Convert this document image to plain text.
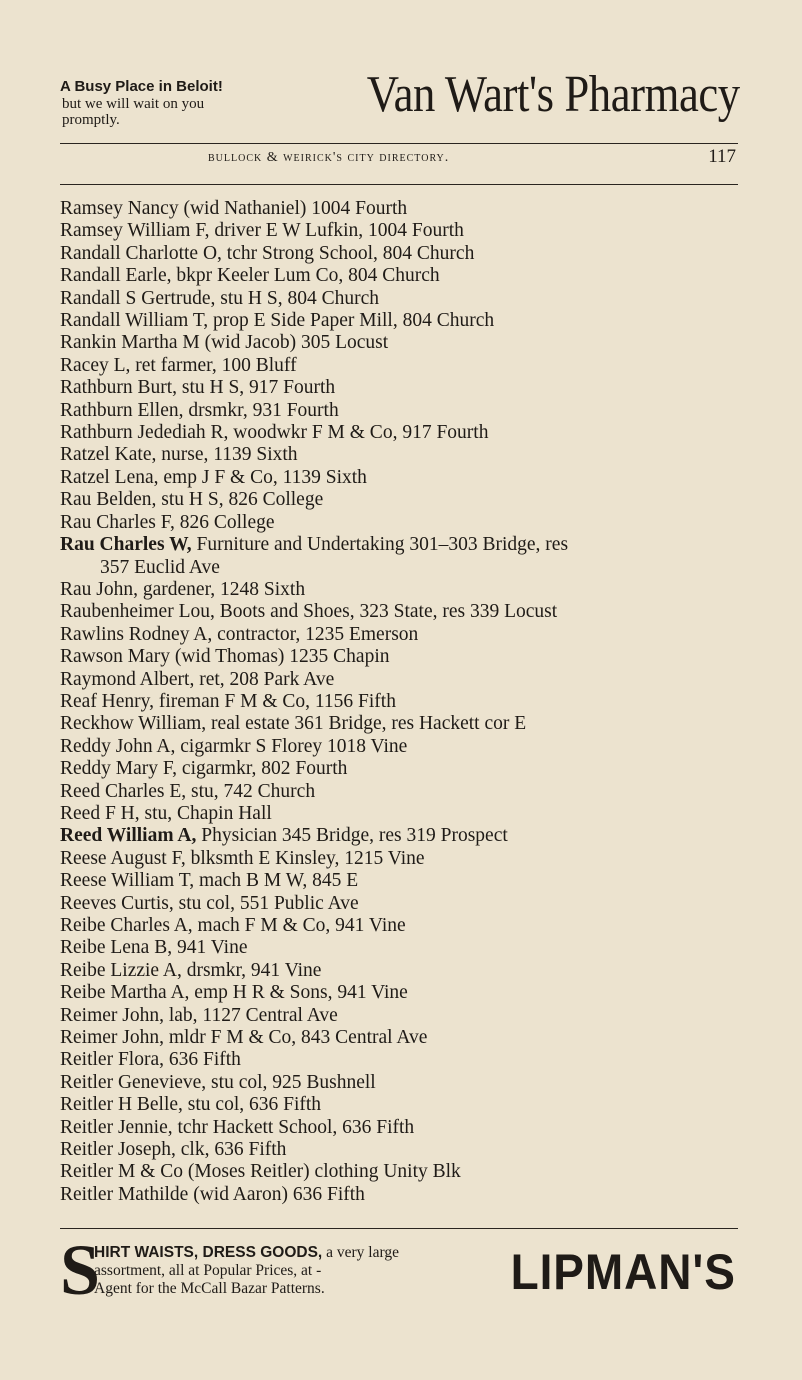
A Busy Place in Beloit!
but we will wait on you
promptly.	Van Wart's Pharmacy
bullock & weirick's city directory.	117
Ramsey Nancy (wid Nathaniel) 1004 Fourth
Ramsey William F, driver E W Lufkin, 1004 Fourth
Randall Charlotte O, tchr Strong School, 804 Church
Randall Earle, bkpr Keeler Lum Co, 804 Church
Randall S Gertrude, stu H S, 804 Church
Randall William T, prop E Side Paper Mill, 804 Church
Rankin Martha M (wid Jacob) 305 Locust
Racey L, ret farmer, 100 Bluff
Rathburn Burt, stu H S, 917 Fourth
Rathburn Ellen, drsmkr, 931 Fourth
Rathburn Jedediah R, woodwkr F M & Co, 917 Fourth
Ratzel Kate, nurse, 1139 Sixth
Ratzel Lena, emp J F & Co, 1139 Sixth
Rau Belden, stu H S, 826 College
Rau Charles F, 826 College
Rau Charles W, Furniture and Undertaking 301–303 Bridge, res
357 Euclid Ave
Rau John, gardener, 1248 Sixth
Raubenheimer Lou, Boots and Shoes, 323 State, res 339 Locust
Rawlins Rodney A, contractor, 1235 Emerson
Rawson Mary (wid Thomas) 1235 Chapin
Raymond Albert, ret, 208 Park Ave
Reaf Henry, fireman F M & Co, 1156 Fifth
Reckhow William, real estate 361 Bridge, res Hackett cor E
Reddy John A, cigarmkr S Florey 1018 Vine
Reddy Mary F, cigarmkr, 802 Fourth
Reed Charles E, stu, 742 Church
Reed F H, stu, Chapin Hall
Reed William A, Physician 345 Bridge, res 319 Prospect
Reese August F, blksmth E Kinsley, 1215 Vine
Reese William T, mach B M W, 845 E
Reeves Curtis, stu col, 551 Public Ave
Reibe Charles A, mach F M & Co, 941 Vine
Reibe Lena B, 941 Vine
Reibe Lizzie A, drsmkr, 941 Vine
Reibe Martha A, emp H R & Sons, 941 Vine
Reimer John, lab, 1127 Central Ave
Reimer John, mldr F M & Co, 843 Central Ave
Reitler Flora, 636 Fifth
Reitler Genevieve, stu col, 925 Bushnell
Reitler H Belle, stu col, 636 Fifth
Reitler Jennie, tchr Hackett School, 636 Fifth
Reitler Joseph, clk, 636 Fifth
Reitler M & Co (Moses Reitler) clothing Unity Blk
Reitler Mathilde (wid Aaron) 636 Fifth
S
HIRT WAISTS, DRESS GOODS, a very large
assortment, all at Popular Prices, at -
Agent for the McCall Bazar Patterns.	LIPMAN'S
